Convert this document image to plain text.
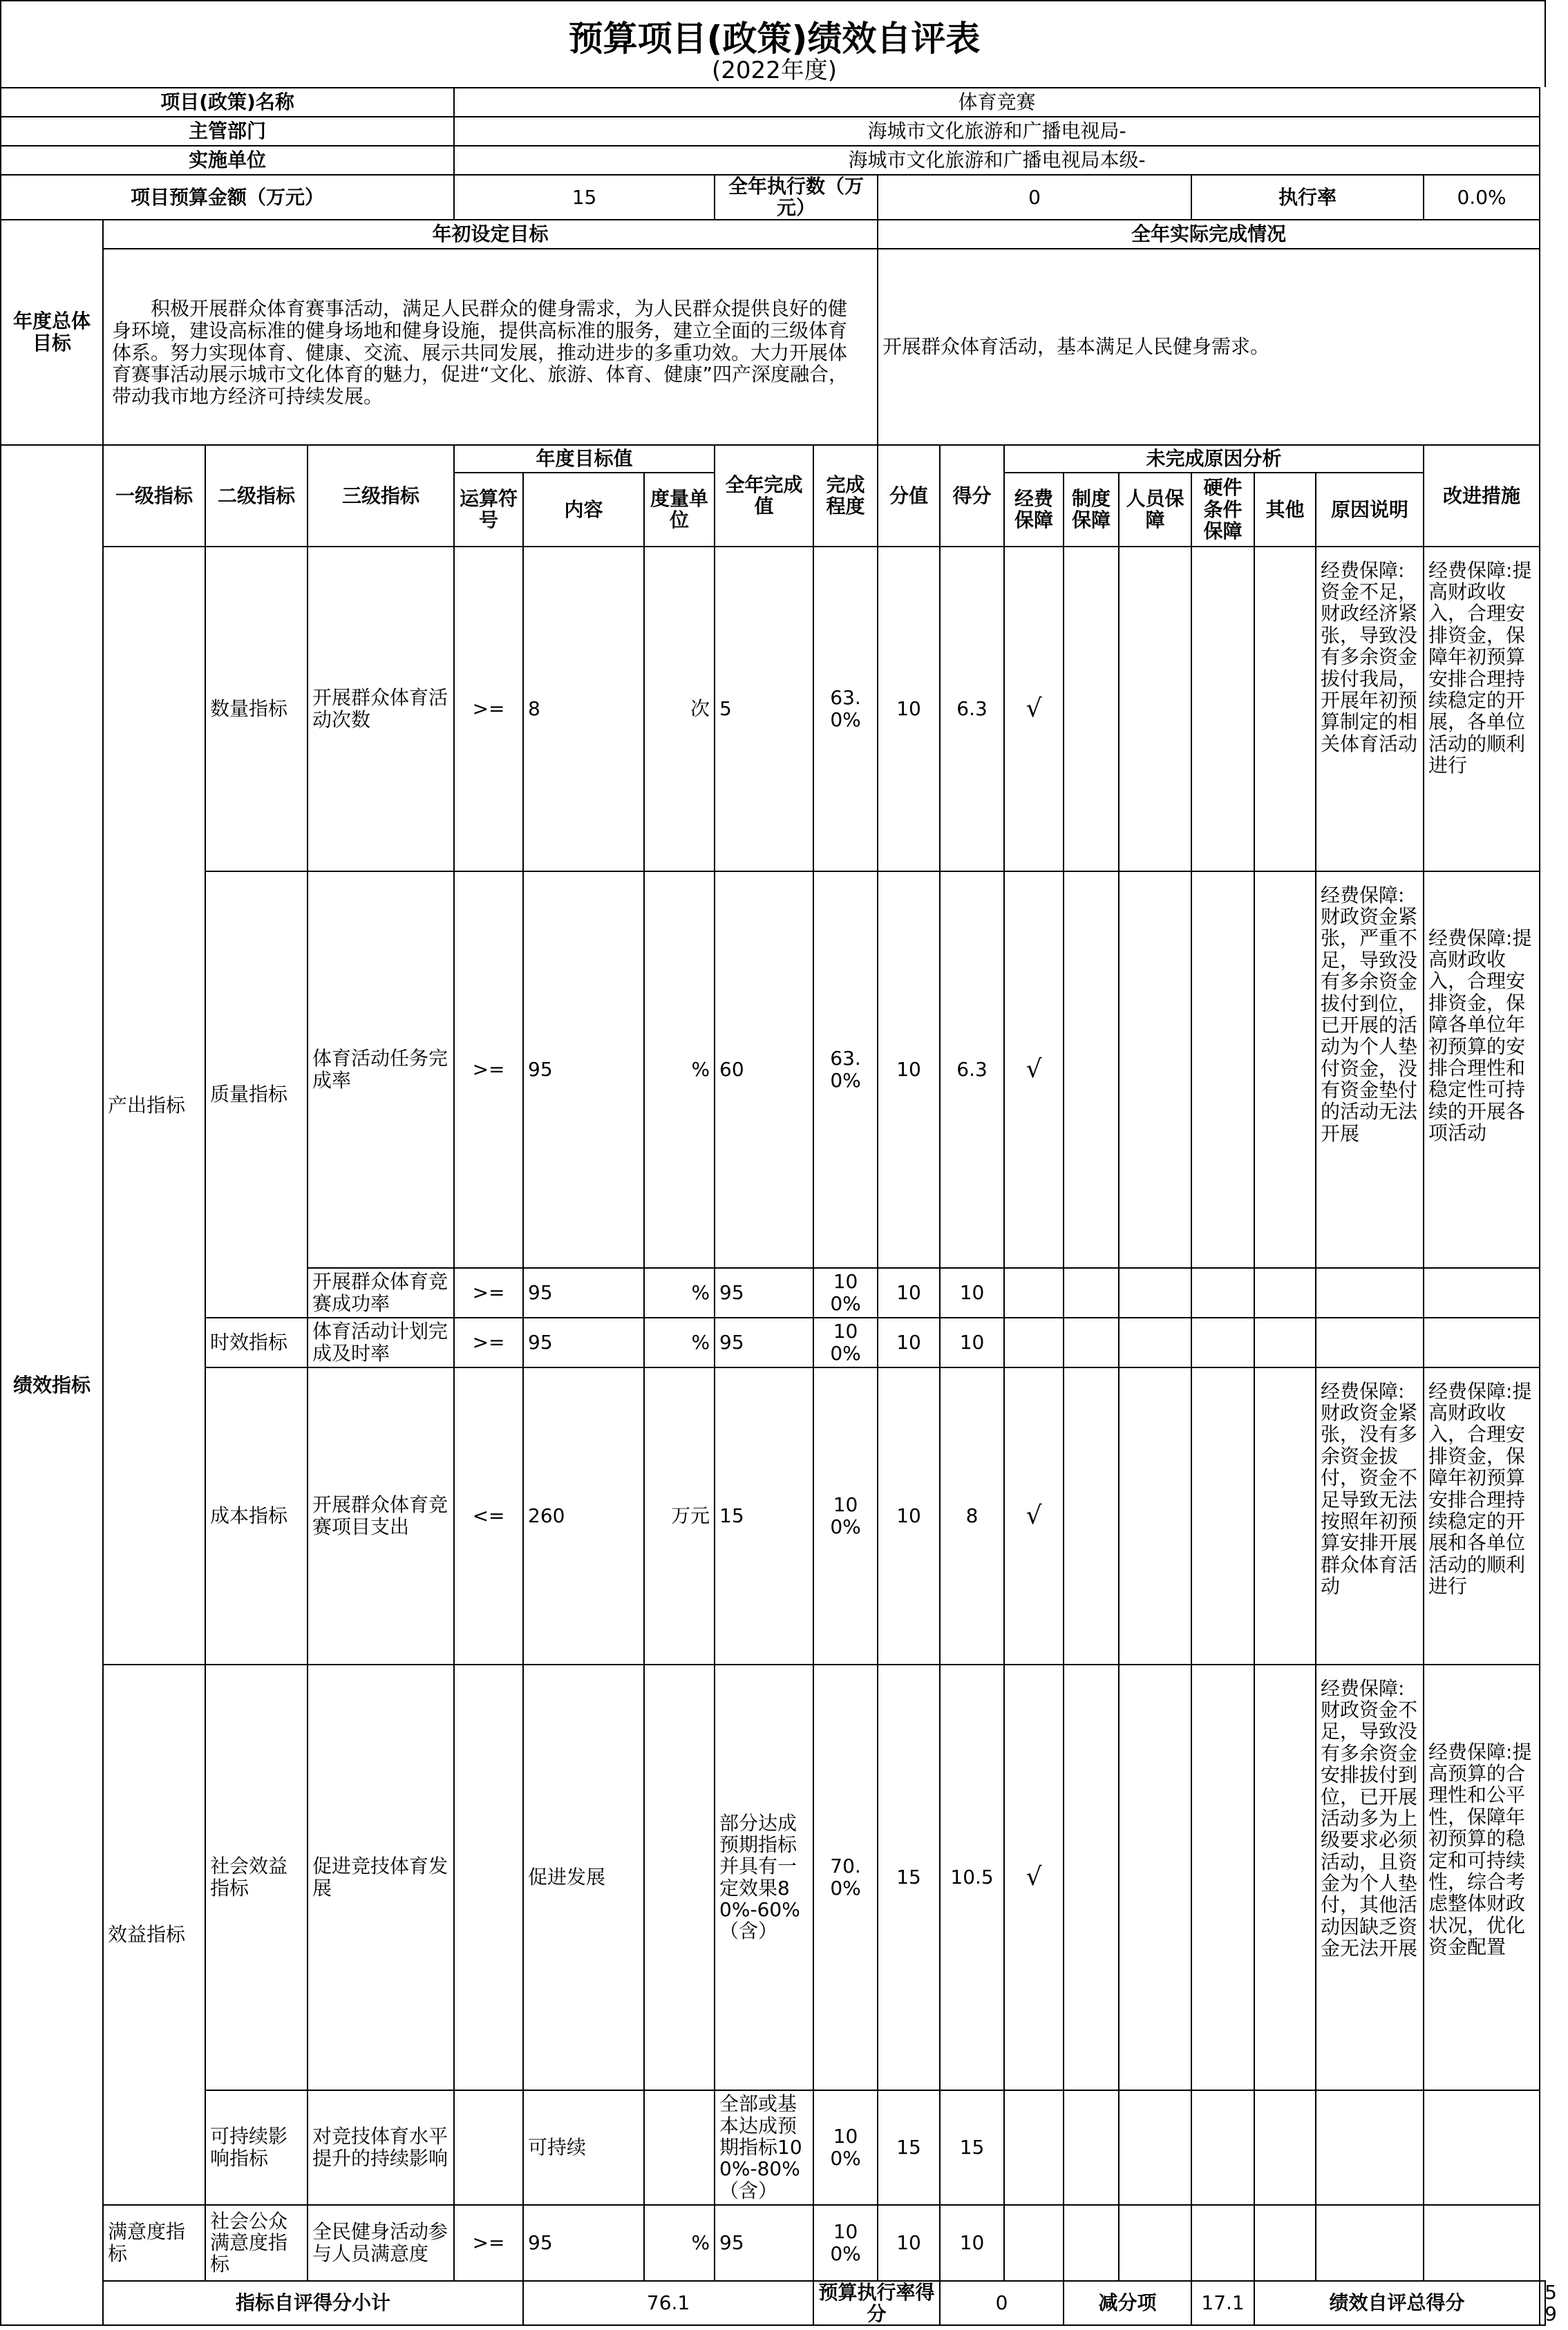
预算项目(政策)绩效自评表
(2022年度)
项目(政策)名称				体育竞赛														
主管部门				海城市文化旅游和广播电视局-														
实施单位				海城市文化旅游和广播电视局本级-														
项目预算金额（万元）				15			全年执行数（万元）		0					执行率			0.0%	
年度总体目标	年初设定目标								全年实际完成情况									
	积极开展群众体育赛事活动，满足人民群众的健身需求，为人民群众提供良好的健身环境，建设高标准的健身场地和健身设施，提供高标准的服务，建立全面的三级体育体系。努力实现体育、健康、交流、展示共同发展，推动进步的多重功效。大力开展体育赛事活动展示城市文化体育的魅力，促进“文化、旅游、体育、健康”四产深度融合，带动我市地方经济可持续发展。								开展群众体育活动，基本满足人民健身需求。									
绩效指标	一级指标	二级指标	三级指标	年度目标值			全年完成值	完成程度	分值	得分	未完成原因分析						改进措施	
				运算符号	内容	度量单位					经费保障	制度保障	人员保障	硬件条件保障	其他	原因说明		
	产出指标	数量指标	开展群众体育活动次数	>=	8	次	5	63.0%	10	6.3	√					经费保障:资金不足，财政经济紧张，导致没有多余资金拔付我局，开展年初预算制定的相关体育活动	经费保障:提高财政收入，合理安排资金，保障年初预算安排合理持续稳定的开展，各单位活动的顺利进行	
		质量指标	体育活动任务完成率	>=	95	%	60	63.0%	10	6.3	√					经费保障:财政资金紧张，严重不足，导致没有多余资金拔付到位，已开展的活动为个人垫付资金，没有资金垫付的活动无法开展	经费保障:提高财政收入，合理安排资金，保障各单位年初预算的安排合理性和稳定性可持续的开展各项活动	
			开展群众体育竞赛成功率	>=	95	%	95	100%	10	10								
		时效指标	体育活动计划完成及时率	>=	95	%	95	100%	10	10								
		成本指标	开展群众体育竞赛项目支出	<=	260	万元	15	100%	10	8	√					经费保障:财政资金紧张，没有多余资金拔付，资金不足导致无法按照年初预算安排开展群众体育活动	经费保障:提高财政收入，合理安排资金，保障年初预算安排合理持续稳定的开展和各单位活动的顺利进行	
	效益指标	社会效益指标	促进竞技体育发展		促进发展		部分达成预期指标并具有一定效果80%-60%（含）	70.0%	15	10.5	√					经费保障:财政资金不足，导致没有多余资金安排拔付到位，已开展活动多为上级要求必须活动，且资金为个人垫付，其他活动因缺乏资金无法开展	经费保障:提高预算的合理性和公平性，保障年初预算的稳定和可持续性，综合考虑整体财政状况，优化资金配置	
		可持续影响指标	对竞技体育水平提升的持续影响		可持续		全部或基本达成预期指标100%-80%（含）	100%	15	15								
	满意度指标	社会公众满意度指标	全民健身活动参与人员满意度	>=	95	%	95	100%	10	10								
	指标自评得分小计				76.1			预算执行率得分		0		减分项		17.1	绩效自评总得分			59
